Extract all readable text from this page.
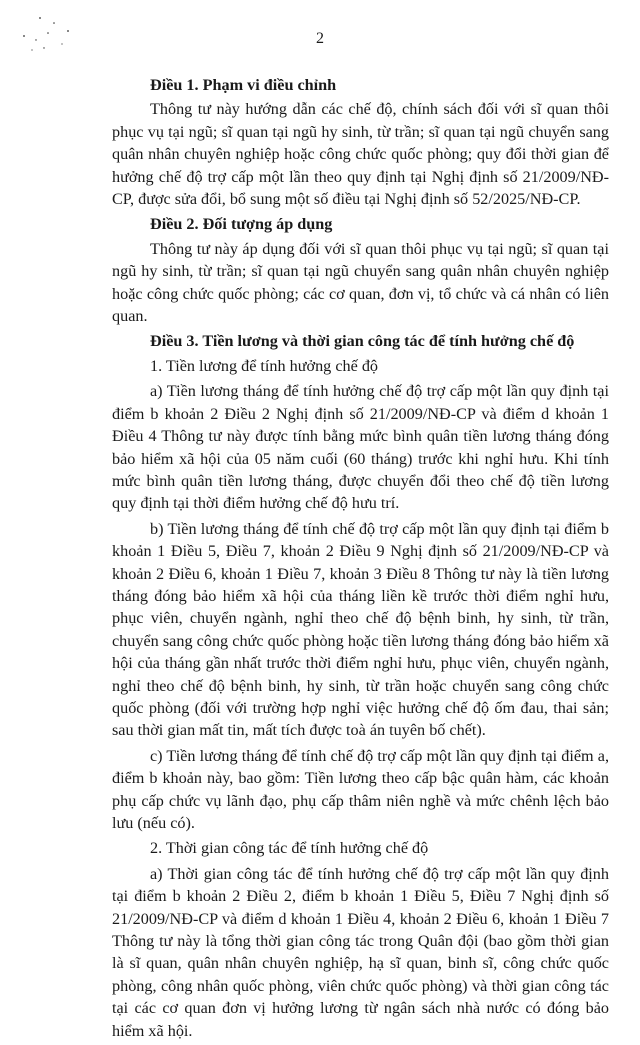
2
Điều 1. Phạm vi điều chỉnh
Thông tư này hướng dẫn các chế độ, chính sách đối với sĩ quan thôi phục vụ tại ngũ; sĩ quan tại ngũ hy sinh, từ trần; sĩ quan tại ngũ chuyển sang quân nhân chuyên nghiệp hoặc công chức quốc phòng; quy đổi thời gian để hưởng chế độ trợ cấp một lần theo quy định tại Nghị định số 21/2009/NĐ-CP, được sửa đổi, bổ sung một số điều tại Nghị định số 52/2025/NĐ-CP.
Điều 2. Đối tượng áp dụng
Thông tư này áp dụng đối với sĩ quan thôi phục vụ tại ngũ; sĩ quan tại ngũ hy sinh, từ trần; sĩ quan tại ngũ chuyển sang quân nhân chuyên nghiệp hoặc công chức quốc phòng; các cơ quan, đơn vị, tổ chức và cá nhân có liên quan.
Điều 3. Tiền lương và thời gian công tác để tính hưởng chế độ
1. Tiền lương để tính hưởng chế độ
a) Tiền lương tháng để tính hưởng chế độ trợ cấp một lần quy định tại điểm b khoản 2 Điều 2 Nghị định số 21/2009/NĐ-CP và điểm d khoản 1 Điều 4 Thông tư này được tính bằng mức bình quân tiền lương tháng đóng bảo hiểm xã hội của 05 năm cuối (60 tháng) trước khi nghỉ hưu. Khi tính mức bình quân tiền lương tháng, được chuyển đổi theo chế độ tiền lương quy định tại thời điểm hưởng chế độ hưu trí.
b) Tiền lương tháng để tính chế độ trợ cấp một lần quy định tại điểm b khoản 1 Điều 5, Điều 7, khoản 2 Điều 9 Nghị định số 21/2009/NĐ-CP và khoản 2 Điều 6, khoản 1 Điều 7, khoản 3 Điều 8 Thông tư này là tiền lương tháng đóng bảo hiểm xã hội của tháng liền kề trước thời điểm nghỉ hưu, phục viên, chuyển ngành, nghỉ theo chế độ bệnh binh, hy sinh, từ trần, chuyển sang công chức quốc phòng hoặc tiền lương tháng đóng bảo hiểm xã hội của tháng gần nhất trước thời điểm nghỉ hưu, phục viên, chuyển ngành, nghỉ theo chế độ bệnh binh, hy sinh, từ trần hoặc chuyển sang công chức quốc phòng (đối với trường hợp nghỉ việc hưởng chế độ ốm đau, thai sản; sau thời gian mất tin, mất tích được toà án tuyên bố chết).
c) Tiền lương tháng để tính chế độ trợ cấp một lần quy định tại điểm a, điểm b khoản này, bao gồm: Tiền lương theo cấp bậc quân hàm, các khoản phụ cấp chức vụ lãnh đạo, phụ cấp thâm niên nghề và mức chênh lệch bảo lưu (nếu có).
2. Thời gian công tác để tính hưởng chế độ
a) Thời gian công tác để tính hưởng chế độ trợ cấp một lần quy định tại điểm b khoản 2 Điều 2, điểm b khoản 1 Điều 5, Điều 7 Nghị định số 21/2009/NĐ-CP và điểm d khoản 1 Điều 4, khoản 2 Điều 6, khoản 1 Điều 7 Thông tư này là tổng thời gian công tác trong Quân đội (bao gồm thời gian là sĩ quan, quân nhân chuyên nghiệp, hạ sĩ quan, binh sĩ, công chức quốc phòng, công nhân quốc phòng, viên chức quốc phòng) và thời gian công tác tại các cơ quan đơn vị hưởng lương từ ngân sách nhà nước có đóng bảo hiểm xã hội.
